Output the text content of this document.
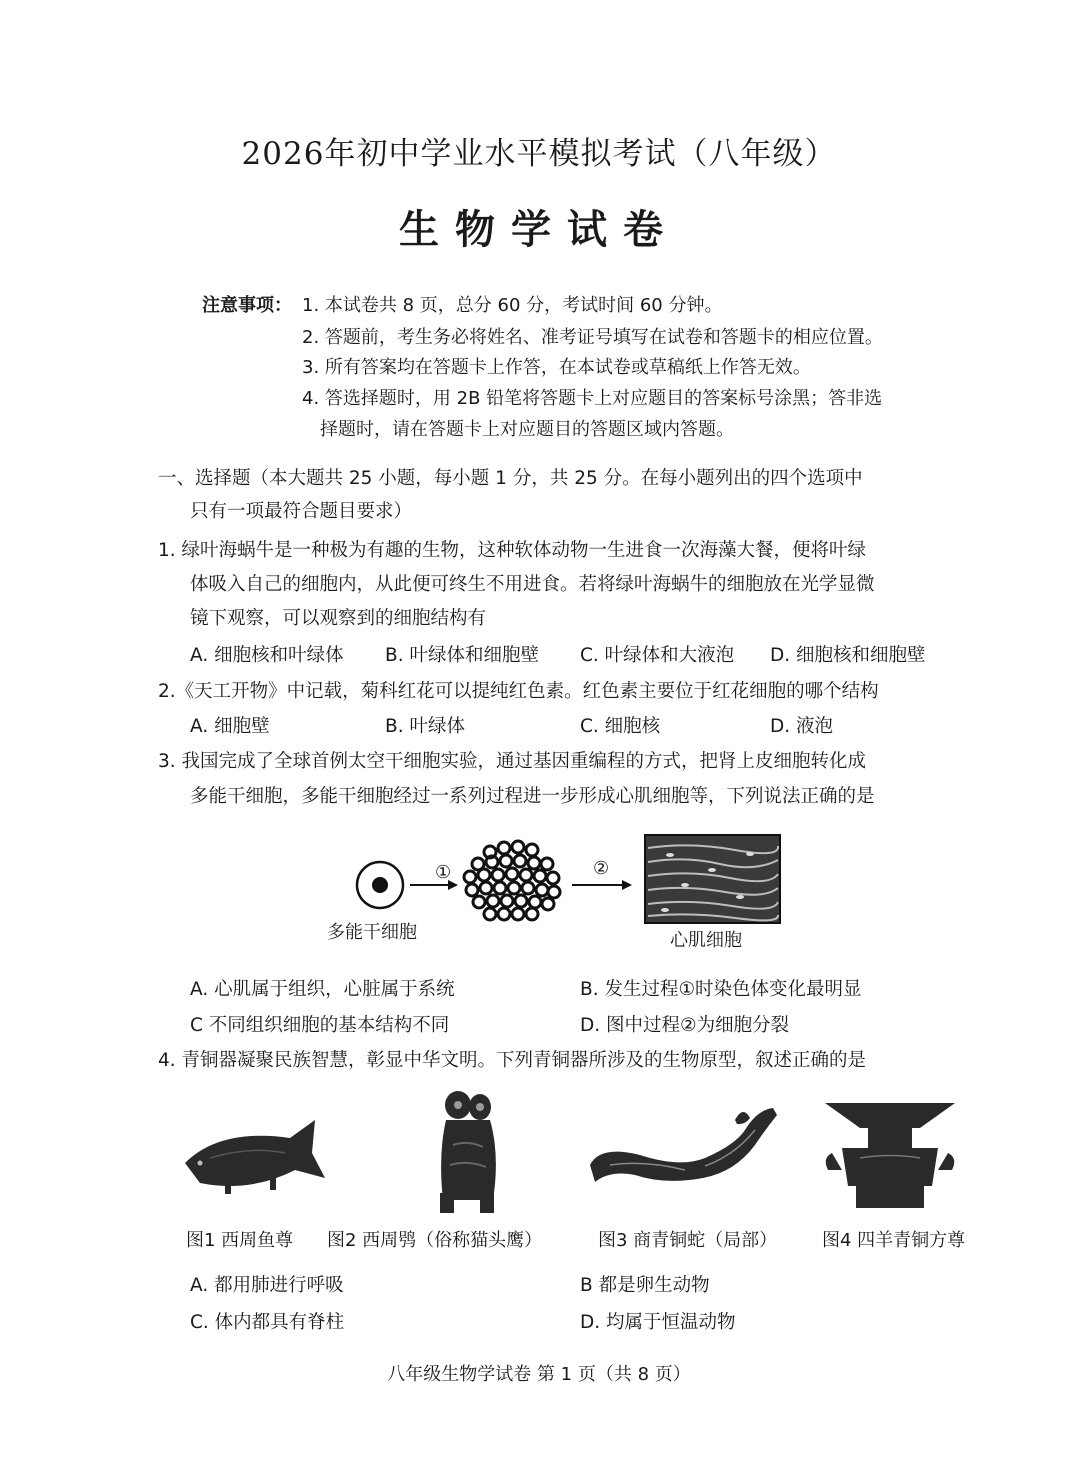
2026年初中学业水平模拟考试（八年级）
生物学试卷
注意事项： 1. 本试卷共 8 页，总分 60 分，考试时间 60 分钟。
2. 答题前，考生务必将姓名、准考证号填写在试卷和答题卡的相应位置。
3. 所有答案均在答题卡上作答，在本试卷或草稿纸上作答无效。
4. 答选择题时，用 2B 铅笔将答题卡上对应题目的答案标号涂黑；答非选
择题时，请在答题卡上对应题目的答题区域内答题。
一、选择题（本大题共 25 小题，每小题 1 分，共 25 分。在每小题列出的四个选项中
只有一项最符合题目要求）
1. 绿叶海蜗牛是一种极为有趣的生物，这种软体动物一生进食一次海藻大餐，便将叶绿
体吸入自己的细胞内，从此便可终生不用进食。若将绿叶海蜗牛的细胞放在光学显微
镜下观察，可以观察到的细胞结构有
A. 细胞核和叶绿体 B. 叶绿体和细胞壁 C. 叶绿体和大液泡 D. 细胞核和细胞壁
2.《天工开物》中记载，菊科红花可以提纯红色素。红色素主要位于红花细胞的哪个结构
A. 细胞壁	B. 叶绿体	C. 细胞核	D. 液泡
3. 我国完成了全球首例太空干细胞实验，通过基因重编程的方式，把肾上皮细胞转化成
多能干细胞，多能干细胞经过一系列过程进一步形成心肌细胞等，下列说法正确的是
①	②
多能干细胞	心肌细胞
A. 心肌属于组织，心脏属于系统	B. 发生过程①时染色体变化最明显
C 不同组织细胞的基本结构不同	D. 图中过程②为细胞分裂
4. 青铜器凝聚民族智慧，彰显中华文明。下列青铜器所涉及的生物原型，叙述正确的是
图1 西周鱼尊 图2 西周鸮（俗称猫头鹰）	图3 商青铜蛇（局部） 图4 四羊青铜方尊
A. 都用肺进行呼吸	B 都是卵生动物
C. 体内都具有脊柱	D. 均属于恒温动物
八年级生物学试卷 第 1 页（共 8 页）
